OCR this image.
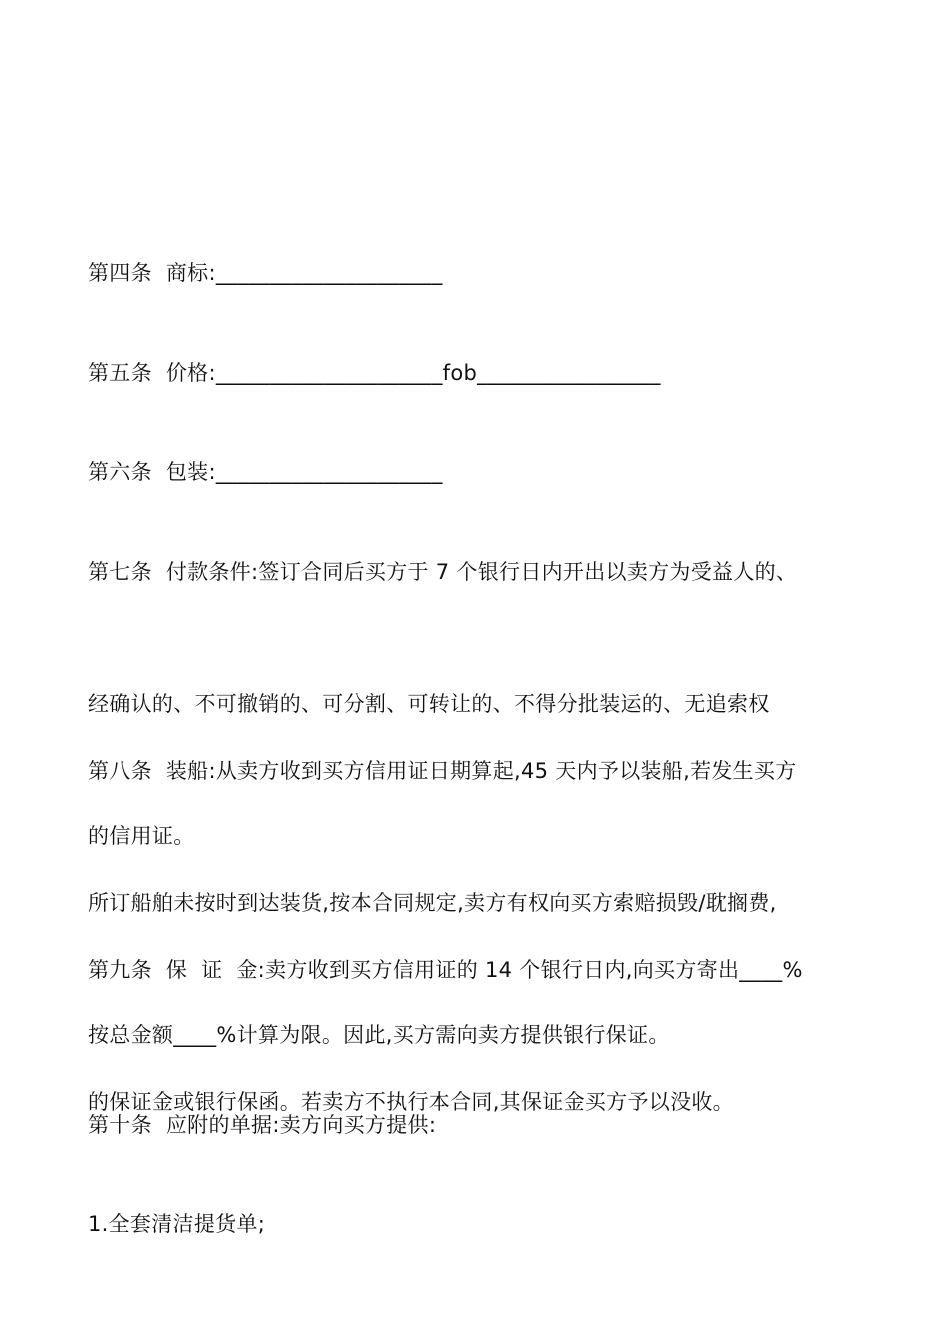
第四条  商标:_____________________

第五条  价格:_____________________fob_________________

第六条  包装:_____________________

第七条  付款条件:签订合同后买方于 7 个银行日内开出以卖方为受益人的、

经确认的、不可撤销的、可分割、可转让的、不得分批装运的、无追索权

的信用证。

第八条  装船:从卖方收到买方信用证日期算起,45 天内予以装船,若发生买方

所订船舶未按时到达装货,按本合同规定,卖方有权向买方索赔损毁/耽搁费,

按总金额____%计算为限。因此,买方需向卖方提供银行保证。

第九条  保  证  金:卖方收到买方信用证的 14 个银行日内,向买方寄出____%

的保证金或银行保函。若卖方不执行本合同,其保证金买方予以没收。

第十条  应附的单据:卖方向买方提供:

1.全套清洁提货单;
